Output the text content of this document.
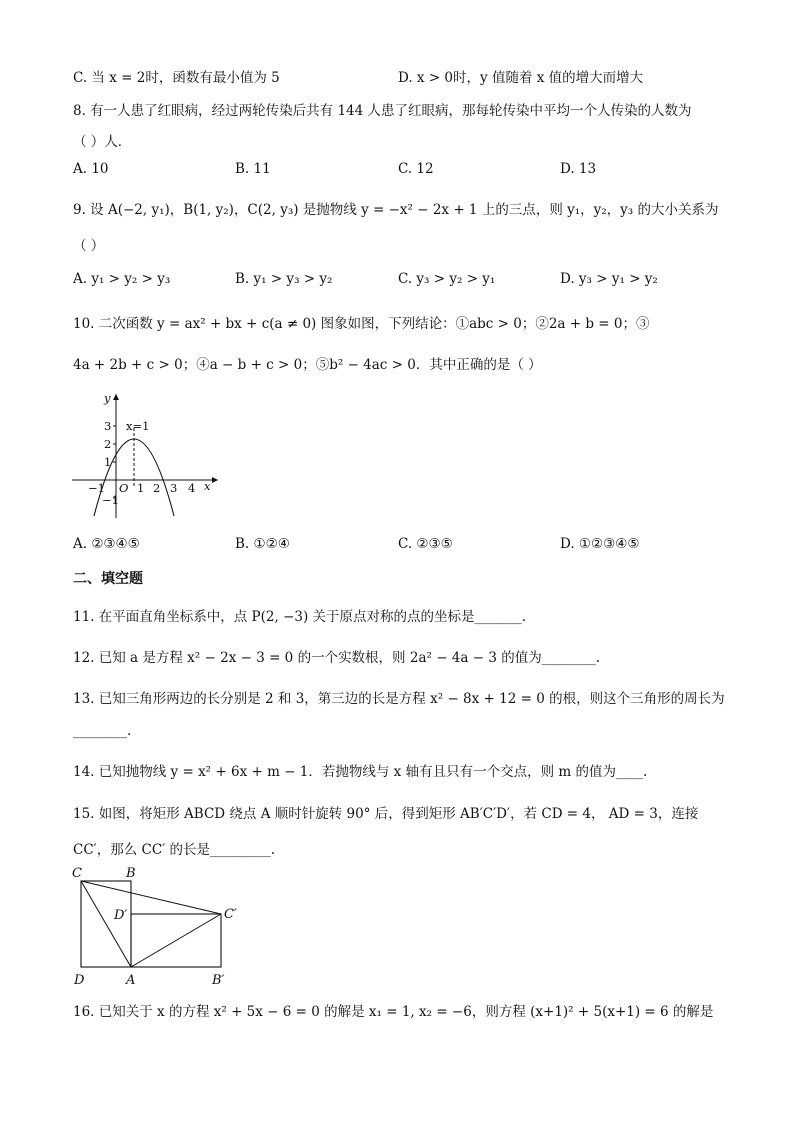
C. 当 x = 2时，函数有最小值为 5	D. x > 0时，y 值随着 x 值的增大而增大
8. 有一人患了红眼病，经过两轮传染后共有 144 人患了红眼病，那每轮传染中平均一个人传染的人数为
（ ）人．
A. 10	B. 11	C. 12	D. 13
9. 设 A(−2, y₁)，B(1, y₂)，C(2, y₃) 是抛物线 y = −x² − 2x + 1 上的三点，则 y₁，y₂，y₃ 的大小关系为
（ ）
A. y₁ > y₂ > y₃	B. y₁ > y₃ > y₂	C. y₃ > y₂ > y₁	D. y₃ > y₁ > y₂
10. 二次函数 y = ax² + bx + c(a ≠ 0) 图象如图，下列结论：①abc > 0；②2a + b = 0；③
4a + 2b + c > 0；④a − b + c > 0；⑤b² − 4ac > 0．其中正确的是（ ）
y
x
x=1
3
2
1
−1
−1 O 1 2 3 4
A. ②③④⑤	B. ①②④	C. ②③⑤	D. ①②③④⑤
二、填空题
11. 在平面直角坐标系中，点 P(2, −3) 关于原点对称的点的坐标是_______.
12. 已知 a 是方程 x² − 2x − 3 = 0 的一个实数根，则 2a² − 4a − 3 的值为________.
13. 已知三角形两边的长分别是 2 和 3，第三边的长是方程 x² − 8x + 12 = 0 的根，则这个三角形的周长为
________.
14. 已知抛物线 y = x² + 6x + m − 1．若抛物线与 x 轴有且只有一个交点，则 m 的值为____.
15. 如图，将矩形 ABCD 绕点 A 顺时针旋转 90° 后，得到矩形 AB′C′D′，若 CD = 4， AD = 3，连接
CC′，那么 CC′ 的长是_________.
C	B
D′	C′
D	A	B′
16. 已知关于 x 的方程 x² + 5x − 6 = 0 的解是 x₁ = 1, x₂ = −6，则方程 (x+1)² + 5(x+1) = 6 的解是
